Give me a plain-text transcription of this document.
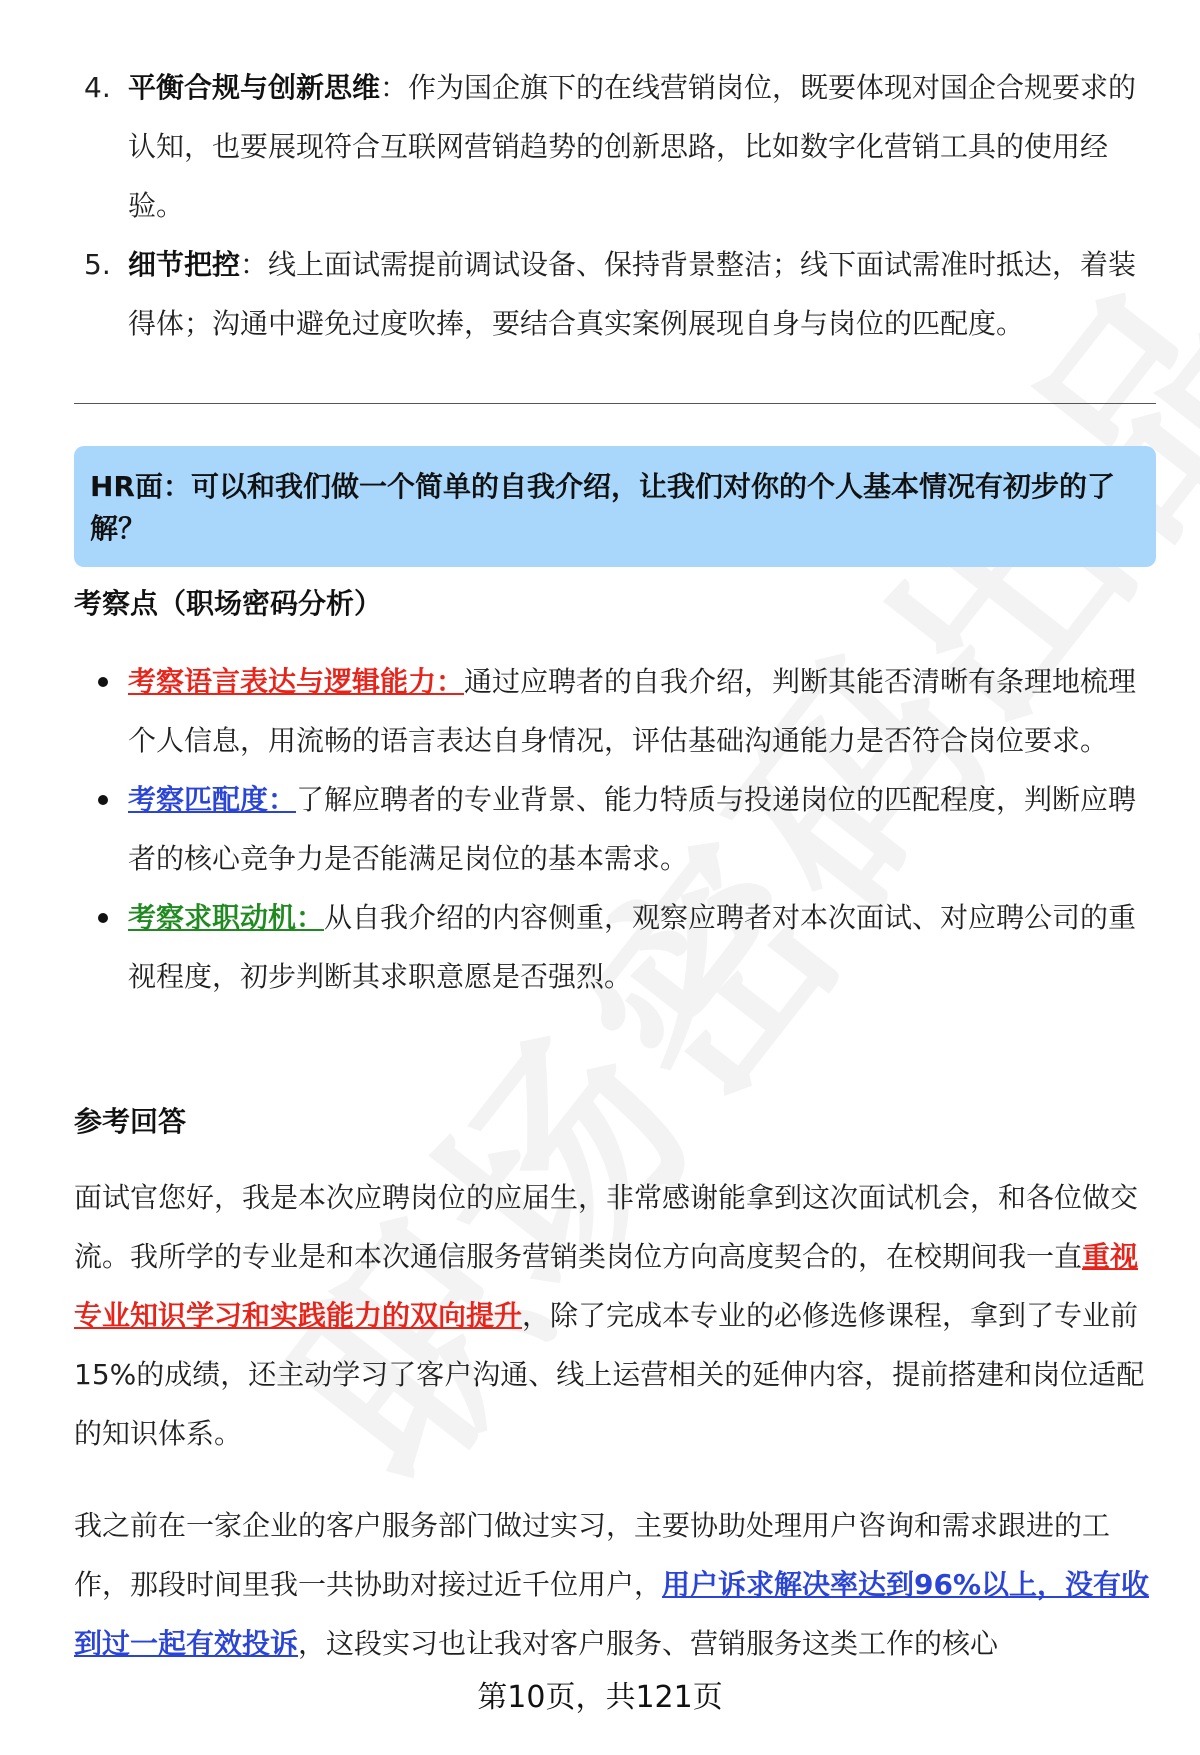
4. 平衡合规与创新思维：作为国企旗下的在线营销岗位，既要体现对国企合规要求的认知，也要展现符合互联网营销趋势的创新思路，比如数字化营销工具的使用经验。
5. 细节把控：线上面试需提前调试设备、保持背景整洁；线下面试需准时抵达，着装得体；沟通中避免过度吹捧，要结合真实案例展现自身与岗位的匹配度。
HR面：可以和我们做一个简单的自我介绍，让我们对你的个人基本情况有初步的了解？
考察点（职场密码分析）
考察语言表达与逻辑能力：通过应聘者的自我介绍，判断其能否清晰有条理地梳理个人信息，用流畅的语言表达自身情况，评估基础沟通能力是否符合岗位要求。
考察匹配度：了解应聘者的专业背景、能力特质与投递岗位的匹配程度，判断应聘者的核心竞争力是否能满足岗位的基本需求。
考察求职动机：从自我介绍的内容侧重，观察应聘者对本次面试、对应聘公司的重视程度，初步判断其求职意愿是否强烈。
参考回答

面试官您好，我是本次应聘岗位的应届生，非常感谢能拿到这次面试机会，和各位做交流。我所学的专业是和本次通信服务营销类岗位方向高度契合的，在校期间我一直重视专业知识学习和实践能力的双向提升，除了完成本专业的必修选修课程，拿到了专业前15%的成绩，还主动学习了客户沟通、线上运营相关的延伸内容，提前搭建和岗位适配的知识体系。

我之前在一家企业的客户服务部门做过实习，主要协助处理用户咨询和需求跟进的工作，那段时间里我一共协助对接过近千位用户，用户诉求解决率达到96%以上，没有收到过一起有效投诉，这段实习也让我对客户服务、营销服务这类工作的核心

第10页，共121页
